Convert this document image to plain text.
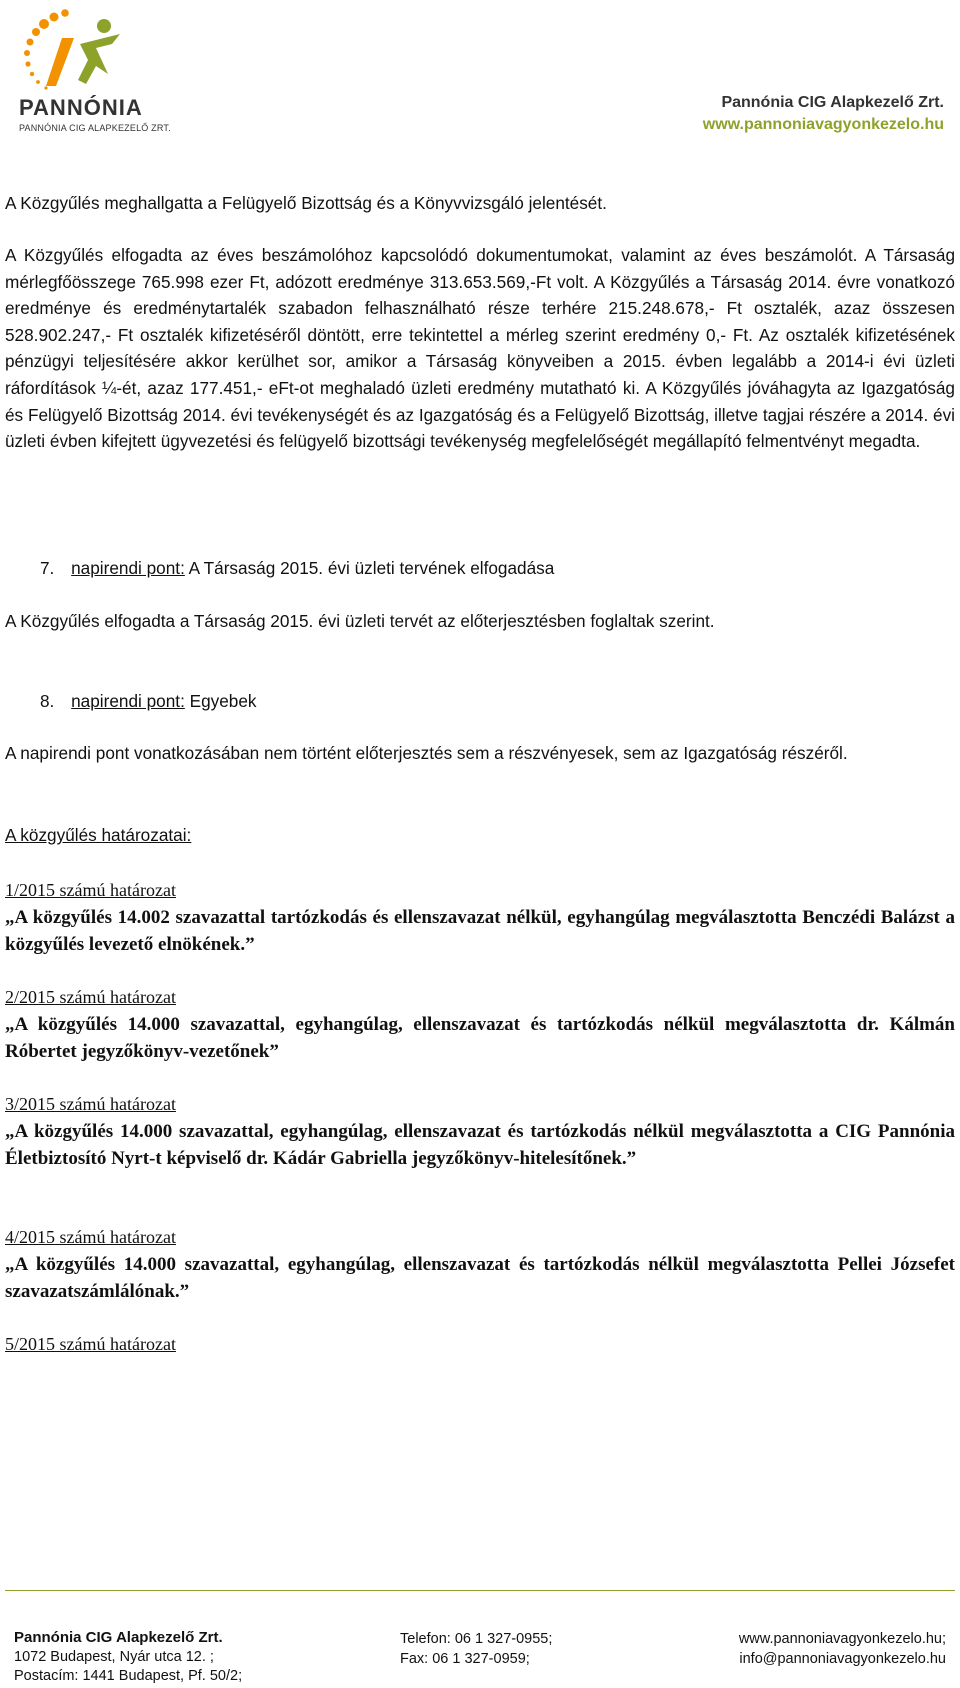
PANNÓNIA
PANNÓNIA CIG ALAPKEZELŐ ZRT.
Pannónia CIG Alapkezelő Zrt.
www.pannoniavagyonkezelo.hu

A Közgyűlés meghallgatta a Felügyelő Bizottság és a Könyvvizsgáló jelentését.

A Közgyűlés elfogadta az éves beszámolóhoz kapcsolódó dokumentumokat, valamint az éves beszámolót. A Társaság mérlegfőösszege 765.998 ezer Ft, adózott eredménye 313.653.569,-Ft volt. A Közgyűlés a Társaság 2014. évre vonatkozó eredménye és eredménytartalék szabadon felhasználható része terhére 215.248.678,- Ft osztalék, azaz összesen 528.902.247,- Ft osztalék kifizetéséről döntött, erre tekintettel a mérleg szerint eredmény 0,- Ft. Az osztalék kifizetésének pénzügyi teljesítésére akkor kerülhet sor, amikor a Társaság könyveiben a 2015. évben legalább a 2014-i évi üzleti ráfordítások ¼-ét, azaz 177.451,- eFt-ot meghaladó üzleti eredmény mutatható ki. A Közgyűlés jóváhagyta az Igazgatóság és Felügyelő Bizottság 2014. évi tevékenységét és az Igazgatóság és a Felügyelő Bizottság, illetve tagjai részére a 2014. évi üzleti évben kifejtett ügyvezetési és felügyelő bizottsági tevékenység megfelelőségét megállapító felmentvényt megadta.

7. napirendi pont: A Társaság 2015. évi üzleti tervének elfogadása

A Közgyűlés elfogadta a Társaság 2015. évi üzleti tervét az előterjesztésben foglaltak szerint.

8. napirendi pont: Egyebek

A napirendi pont vonatkozásában nem történt előterjesztés sem a részvényesek, sem az Igazgatóság részéről.

A közgyűlés határozatai:
1/2015 számú határozat

„A közgyűlés 14.002 szavazattal tartózkodás és ellenszavazat nélkül, egyhangúlag megválasztotta Benczédi Balázst a közgyűlés levezető elnökének.”

2/2015 számú határozat

„A közgyűlés 14.000 szavazattal, egyhangúlag, ellenszavazat és tartózkodás nélkül megválasztotta dr. Kálmán Róbertet jegyzőkönyv-vezetőnek”

3/2015 számú határozat

„A közgyűlés 14.000 szavazattal, egyhangúlag, ellenszavazat és tartózkodás nélkül megválasztotta a CIG Pannónia Életbiztosító Nyrt-t képviselő dr. Kádár Gabriella jegyzőkönyv-hitelesítőnek.”

4/2015 számú határozat

„A közgyűlés 14.000 szavazattal, egyhangúlag, ellenszavazat és tartózkodás nélkül megválasztotta Pellei Józsefet szavazatszámlálónak.”

5/2015 számú határozat
Pannónia CIG Alapkezelő Zrt.
1072 Budapest, Nyár utca 12. ;
Postacím: 1441 Budapest, Pf. 50/2;
Telefon: 06 1 327-0955;
Fax: 06 1 327-0959;
www.pannoniavagyonkezelo.hu;
info@pannoniavagyonkezelo.hu
